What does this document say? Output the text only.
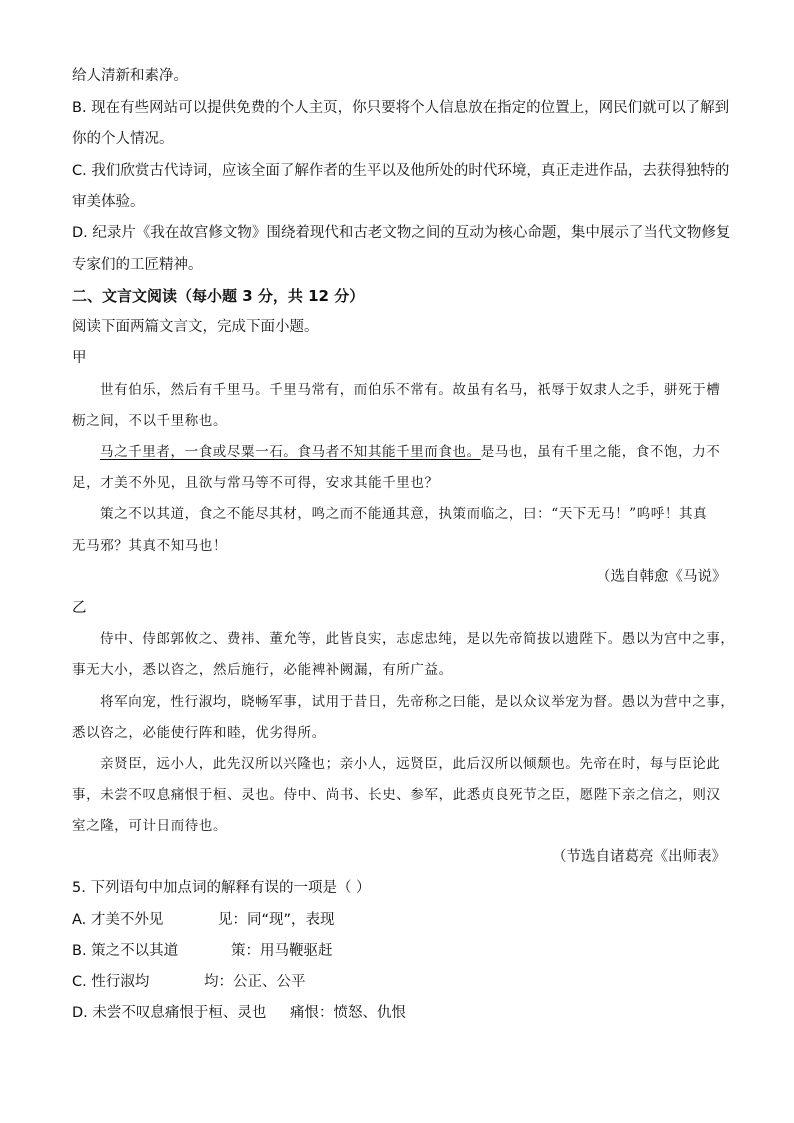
给人清新和素净。
B. 现在有些网站可以提供免费的个人主页，你只要将个人信息放在指定的位置上，网民们就可以了解到
你的个人情况。
C. 我们欣赏古代诗词，应该全面了解作者的生平以及他所处的时代环境，真正走进作品，去获得独特的
审美体验。
D. 纪录片《我在故宫修文物》围绕着现代和古老文物之间的互动为核心命题，集中展示了当代文物修复
专家们的工匠精神。
二、文言文阅读（每小题 3 分，共 12 分）
阅读下面两篇文言文，完成下面小题。
甲
世有伯乐，然后有千里马。千里马常有，而伯乐不常有。故虽有名马，祇辱于奴隶人之手，骈死于槽
枥之间，不以千里称也。
马之千里者，一食或尽粟一石。食马者不知其能千里而食也。是马也，虽有千里之能，食不饱，力不
足，才美不外见，且欲与常马等不可得，安求其能千里也？
策之不以其道，食之不能尽其材，鸣之而不能通其意，执策而临之，曰：“天下无马！”呜呼！其真
无马邪？其真不知马也！
（选自韩愈《马说》
乙
侍中、侍郎郭攸之、费祎、董允等，此皆良实，志虑忠纯，是以先帝简拔以遗陛下。愚以为宫中之事，
事无大小，悉以咨之，然后施行，必能裨补阙漏，有所广益。
将军向宠，性行淑均，晓畅军事，试用于昔日，先帝称之曰能，是以众议举宠为督。愚以为营中之事，
悉以咨之，必能使行阵和睦，优劣得所。
亲贤臣，远小人，此先汉所以兴隆也；亲小人，远贤臣，此后汉所以倾颓也。先帝在时，每与臣论此
事，未尝不叹息痛恨于桓、灵也。侍中、尚书、长史、参军，此悉贞良死节之臣，愿陛下亲之信之，则汉
室之隆，可计日而待也。
（节选自诸葛亮《出师表》
5. 下列语句中加点词的解释有误的一项是（ ）
A. 才美不外见	见：同“现”，表现
B. 策之不以其道	策：用马鞭驱赶
C. 性行淑均	均：公正、公平
D. 未尝不叹息痛恨于桓、灵也 痛恨：愤怒、仇恨
